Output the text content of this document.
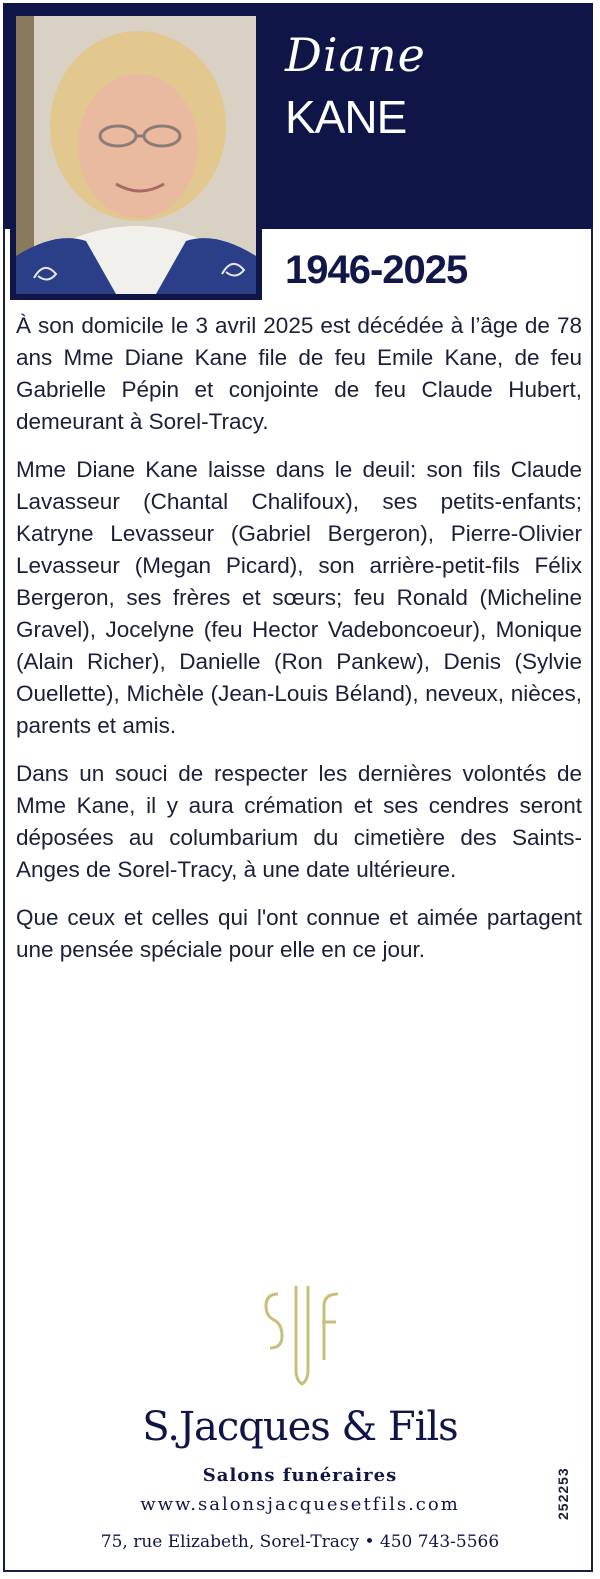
Diane
KANE
1946-2025

À son domicile le 3 avril 2025 est décédée à l’âge de 78 ans Mme Diane Kane file de feu Emile Kane, de feu Gabrielle Pépin et conjointe de feu Claude Hubert, demeurant à Sorel-Tracy.

Mme Diane Kane laisse dans le deuil: son fils Claude Lavasseur (Chantal Chalifoux), ses petits-enfants; Katryne Levasseur (Gabriel Bergeron), Pierre-Olivier Levasseur (Megan Picard), son arrière-petit-fils Félix Bergeron, ses frères et sœurs; feu Ronald (Micheline Gravel), Jocelyne (feu Hector Vadeboncoeur), Monique (Alain Richer), Danielle (Ron Pankew), Denis (Sylvie Ouellette), Michèle (Jean-Louis Béland), neveux, nièces, parents et amis.

Dans un souci de respecter les dernières volontés de Mme Kane, il y aura crémation et ses cendres seront déposées au columbarium du cimetière des Saints-Anges de Sorel-Tracy, à une date ultérieure.

Que ceux et celles qui l'ont connue et aimée partagent une pensée spéciale pour elle en ce jour.

S.Jacques & Fils
Salons funéraires
www.salonsjacquesetfils.com
75, rue Elizabeth, Sorel-Tracy • 450 743-5566
252253
